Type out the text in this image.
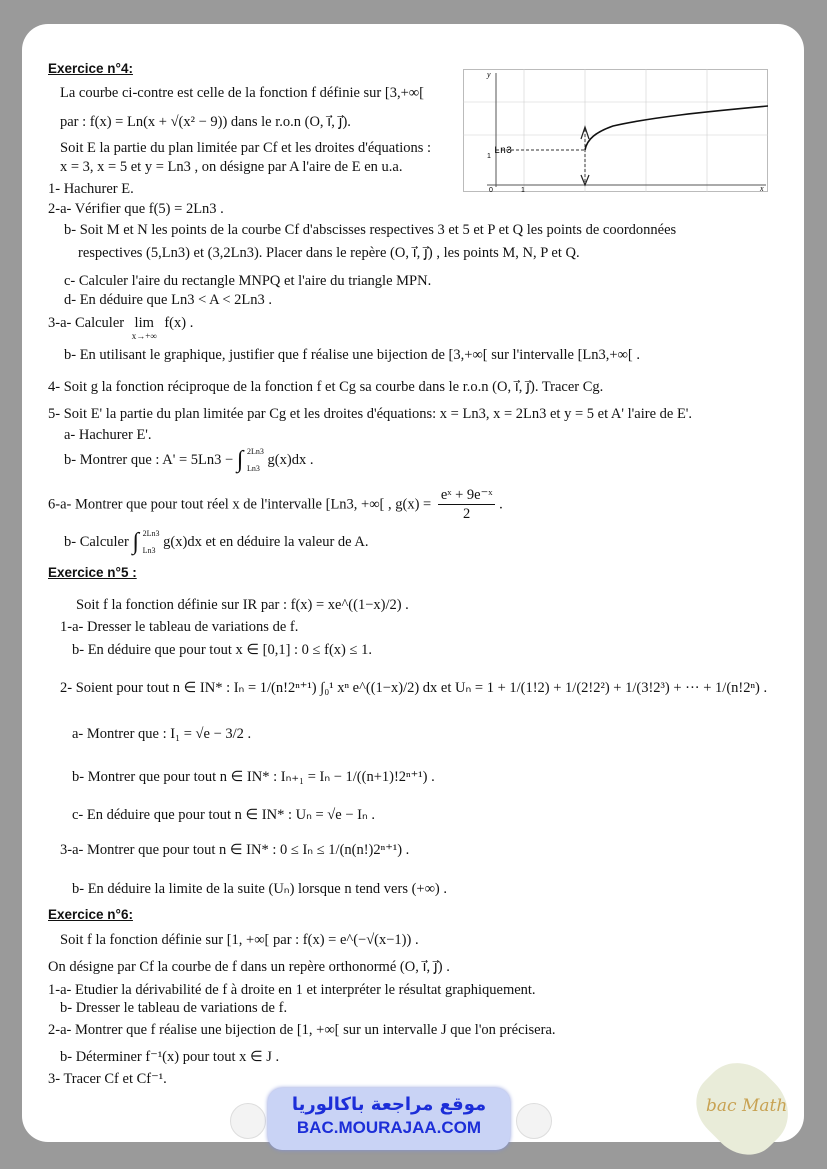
Exercice n°4:
La courbe ci-contre est celle de la fonction f définie sur [3,+∞[
par : f(x) = Ln(x + √(x² − 9)) dans le r.o.n (O, i⃗, j⃗).
Soit E la partie du plan limitée par Cf et les droites d'équations :
x = 3, x = 5 et y = Ln3 , on désigne par A l'aire de E en u.a.
1- Hachurer E.
2-a- Vérifier que f(5) = 2Ln3 .
b- Soit M et N les points de la courbe Cf d'abscisses respectives 3 et 5 et P et Q les points de coordonnées
respectives (5,Ln3) et (3,2Ln3). Placer dans le repère (O, i⃗, j⃗) , les points M, N, P et Q.
c- Calculer l'aire du rectangle MNPQ et l'aire du triangle MPN.
d- En déduire que Ln3 < A < 2Ln3 .
3-a- Calculer lim
x→+∞
f(x) .
b- En utilisant le graphique, justifier que f réalise une bijection de [3,+∞[ sur l'intervalle [Ln3,+∞[ .
4- Soit g la fonction réciproque de la fonction f et Cg sa courbe dans le r.o.n (O, i⃗, j⃗). Tracer Cg.
5- Soit E' la partie du plan limitée par Cg et les droites d'équations: x = Ln3, x = 2Ln3 et y = 5 et A' l'aire de E'.
a- Hachurer E'.
b- Montrer que : A' = 5Ln3 − ∫ 2Ln3
Ln3
g(x)dx .
6-a- Montrer que pour tout réel x de l'intervalle [Ln3, +∞[ , $g(x) = \frac{\text{eˣ + 9e⁻ˣ}}{2}$ .
b- Calculer ∫ 2Ln3
Ln3
g(x)dx et en déduire la valeur de A.
y
x
Ln3
1
0	1
Exercice n°5 :
Soit f la fonction définie sur IR par : f(x) = xe^((1−x)/2) .
1-a- Dresser le tableau de variations de f.
b- En déduire que pour tout x ∈ [0,1] : 0 ≤ f(x) ≤ 1.
2- Soient pour tout n ∈ IN* : Iₙ = 1/(n!2ⁿ⁺¹) ∫₀¹ xⁿ e^((1−x)/2) dx et Uₙ = 1 + 1/(1!2) + 1/(2!2²) + 1/(3!2³) + ··· + 1/(n!2ⁿ) .
a- Montrer que : I₁ = √e − 3/2 .
b- Montrer que pour tout n ∈ IN* : Iₙ₊₁ = Iₙ − 1/((n+1)!2ⁿ⁺¹) .
c- En déduire que pour tout n ∈ IN* : Uₙ = √e − Iₙ .
3-a- Montrer que pour tout n ∈ IN* : 0 ≤ Iₙ ≤ 1/(n(n!)2ⁿ⁺¹) .
b- En déduire la limite de la suite (Uₙ) lorsque n tend vers (+∞) .
Exercice n°6:
Soit f la fonction définie sur [1, +∞[ par : f(x) = e^(−√(x−1)) .
On désigne par Cf la courbe de f dans un repère orthonormé (O, i⃗, j⃗) .
1-a- Etudier la dérivabilité de f à droite en 1 et interpréter le résultat graphiquement.
b- Dresser le tableau de variations de f.
2-a- Montrer que f réalise une bijection de [1, +∞[ sur un intervalle J que l'on précisera.
b- Déterminer f⁻¹(x) pour tout x ∈ J .
3- Tracer Cf et Cf⁻¹.
موقع مراجعة باكالوريا
BAC.MOURAJAA.COM
bac Math
